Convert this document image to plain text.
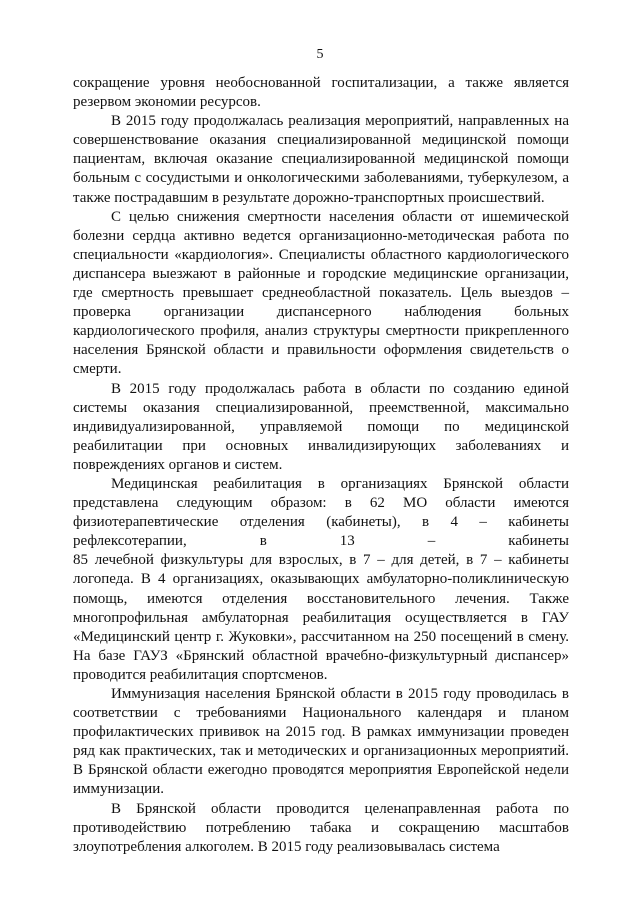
5

сокращение уровня необоснованной госпитализации, а также является резервом экономии ресурсов.

В 2015 году продолжалась реализация мероприятий, направленных на совершенствование оказания специализированной медицинской помощи пациентам, включая оказание специализированной медицинской помощи больным с сосудистыми и онкологическими заболеваниями, туберкулезом, а также пострадавшим в результате дорожно-транспортных происшествий.

С целью снижения смертности населения области от ишемической болезни сердца активно ведется организационно-методическая работа по специальности «кардиология». Специалисты областного кардиологического диспансера выезжают в районные и городские медицинские организации, где смертность превышает среднеобластной показатель. Цель выездов – проверка организации диспансерного наблюдения больных кардиологического профиля, анализ структуры смертности прикрепленного населения Брянской области и правильности оформления свидетельств о смерти.

В 2015 году продолжалась работа в области по созданию единой системы оказания специализированной, преемственной, максимально индивидуализированной, управляемой помощи по медицинской реабилитации при основных инвалидизирующих заболеваниях и повреждениях органов и систем.

Медицинская реабилитация в организациях Брянской области представлена следующим образом: в 62 МО области имеются физиотерапевтические отделения (кабинеты), в 4 – кабинеты рефлексотерапии, в 13 – кабинеты

85 лечебной физкультуры для взрослых, в 7 – для детей, в 7 – кабинеты логопеда. В 4 организациях, оказывающих амбулаторно-поликлиническую помощь, имеются отделения восстановительного лечения. Также многопрофильная амбулаторная реабилитация осуществляется в ГАУ «Медицинский центр г. Жуковки», рассчитанном на 250 посещений в смену. На базе ГАУЗ «Брянский областной врачебно-физкультурный диспансер» проводится реабилитация спортсменов.

Иммунизация населения Брянской области в 2015 году проводилась в соответствии с требованиями Национального календаря и планом профилактических прививок на 2015 год. В рамках иммунизации проведен ряд как практических, так и методических и организационных мероприятий. В Брянской области ежегодно проводятся мероприятия Европейской недели иммунизации.

В Брянской области проводится целенаправленная работа по противодействию потреблению табака и сокращению масштабов злоупотребления алкоголем. В 2015 году реализовывалась система
